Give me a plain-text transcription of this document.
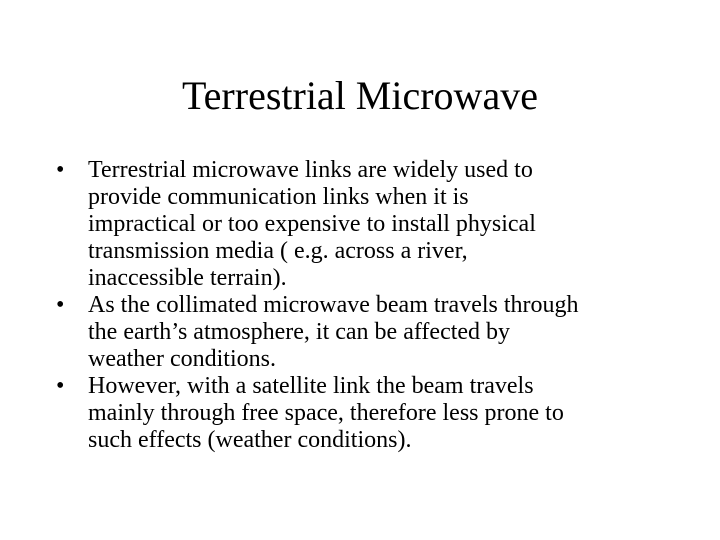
Terrestrial Microwave
• Terrestrial microwave links are widely used to
provide communication links when it is
impractical or too expensive to install physical
transmission media ( e.g. across a river,
inaccessible terrain).
• As the collimated microwave beam travels through
the earth’s atmosphere, it can be affected by
weather conditions.
• However, with a satellite link the beam travels
mainly through free space, therefore less prone to
such effects (weather conditions).
